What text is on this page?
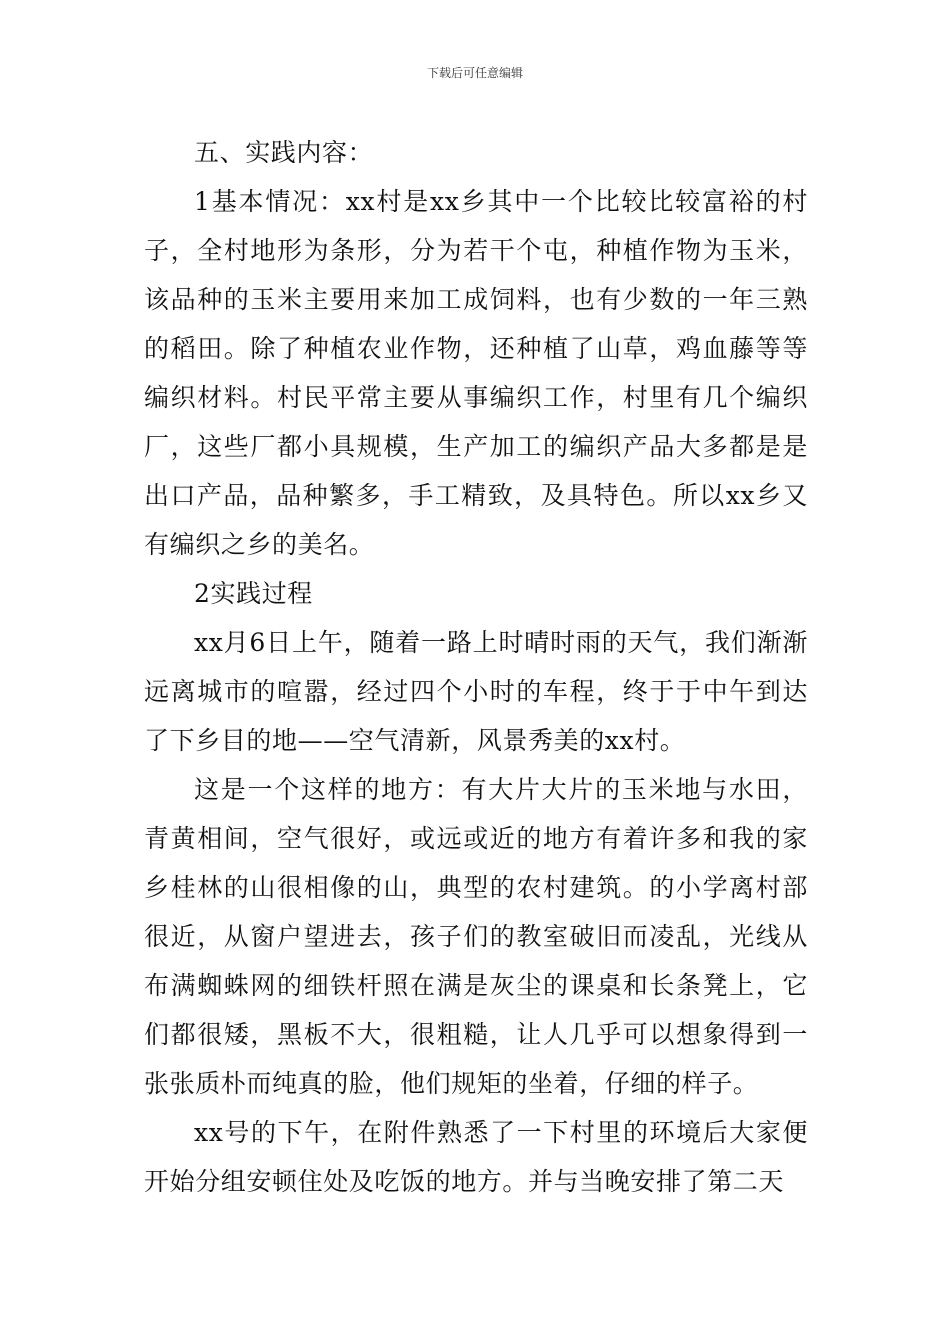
下载后可任意编辑

五、实践内容：

1基本情况：xx村是xx乡其中一个比较比较富裕的村子，全村地形为条形，分为若干个屯，种植作物为玉米，该品种的玉米主要用来加工成饲料，也有少数的一年三熟的稻田。除了种植农业作物，还种植了山草，鸡血藤等等编织材料。村民平常主要从事编织工作，村里有几个编织厂，这些厂都小具规模，生产加工的编织产品大多都是是出口产品，品种繁多，手工精致，及具特色。所以xx乡又有编织之乡的美名。

2实践过程

xx月6日上午，随着一路上时晴时雨的天气，我们渐渐远离城市的喧嚣，经过四个小时的车程，终于于中午到达了下乡目的地——空气清新，风景秀美的xx村。

这是一个这样的地方：有大片大片的玉米地与水田，青黄相间，空气很好，或远或近的地方有着许多和我的家乡桂林的山很相像的山，典型的农村建筑。的小学离村部很近，从窗户望进去，孩子们的教室破旧而凌乱，光线从布满蜘蛛网的细铁杆照在满是灰尘的课桌和长条凳上，它们都很矮，黑板不大，很粗糙，让人几乎可以想象得到一张张质朴而纯真的脸，他们规矩的坐着，仔细的样子。

xx号的下午，在附件熟悉了一下村里的环境后大家便开始分组安顿住处及吃饭的地方。并与当晚安排了第二天
